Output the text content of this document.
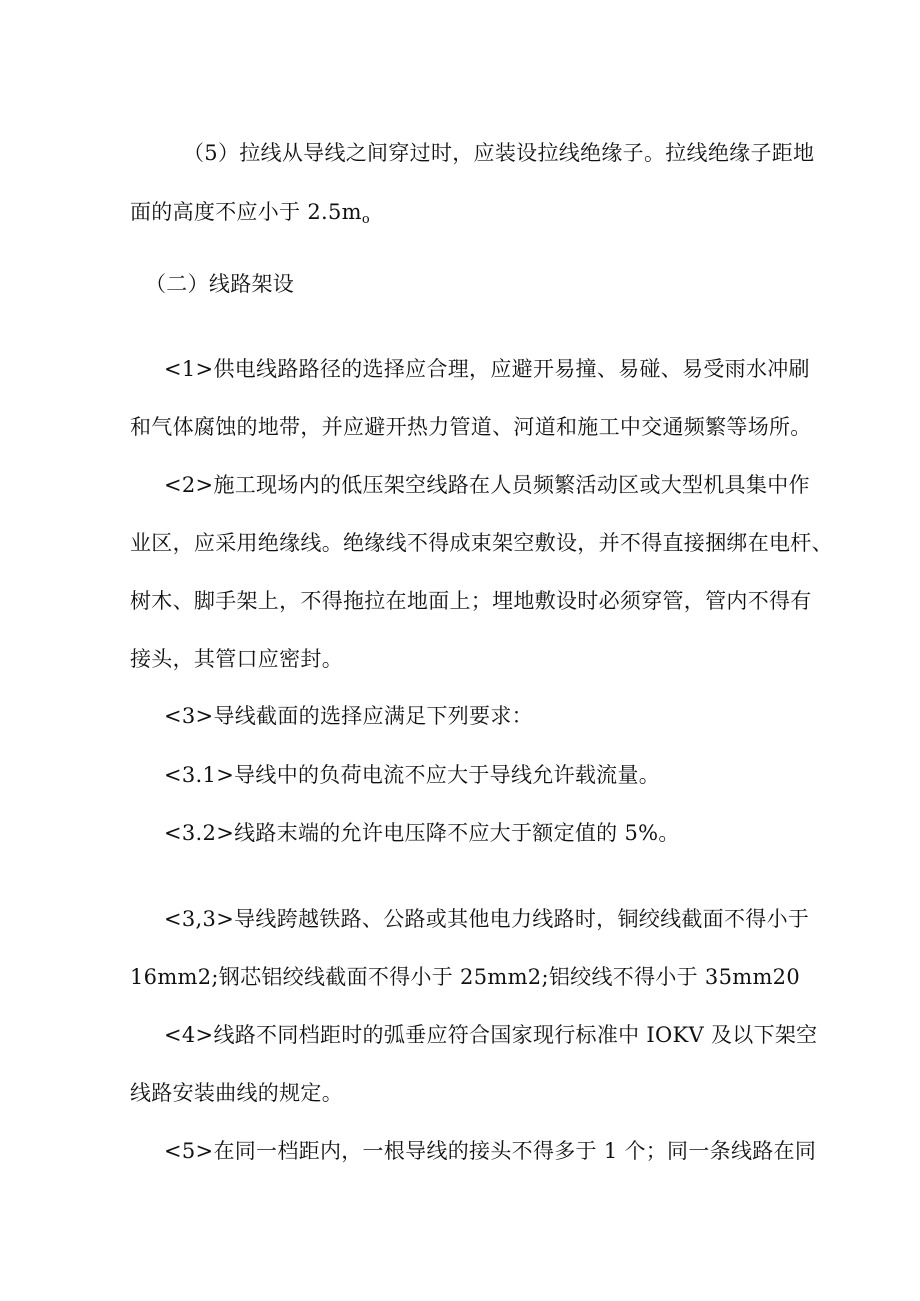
（5）拉线从导线之间穿过时，应装设拉线绝缘子。拉线绝缘子距地
面的高度不应小于 $2.5m_o$
（二）线路架设
<1>供电线路路径的选择应合理，应避开易撞、易碰、易受雨水冲刷
和气体腐蚀的地带，并应避开热力管道、河道和施工中交通频繁等场所。
<2>施工现场内的低压架空线路在人员频繁活动区或大型机具集中作
业区，应采用绝缘线。绝缘线不得成束架空敷设，并不得直接捆绑在电杆、
树木、脚手架上，不得拖拉在地面上；埋地敷设时必须穿管，管内不得有
接头，其管口应密封。
<3>导线截面的选择应满足下列要求：
<3.1>导线中的负荷电流不应大于导线允许载流量。
<3.2>线路末端的允许电压降不应大于额定值的 5%。
<3,3>导线跨越铁路、公路或其他电力线路时，铜绞线截面不得小于
16mm2;钢芯铝绞线截面不得小于 25mm2;铝绞线不得小于 35mm20
<4>线路不同档距时的弧垂应符合国家现行标准中 IOKV 及以下架空
线路安装曲线的规定。
<5>在同一档距内，一根导线的接头不得多于 1 个；同一条线路在同
